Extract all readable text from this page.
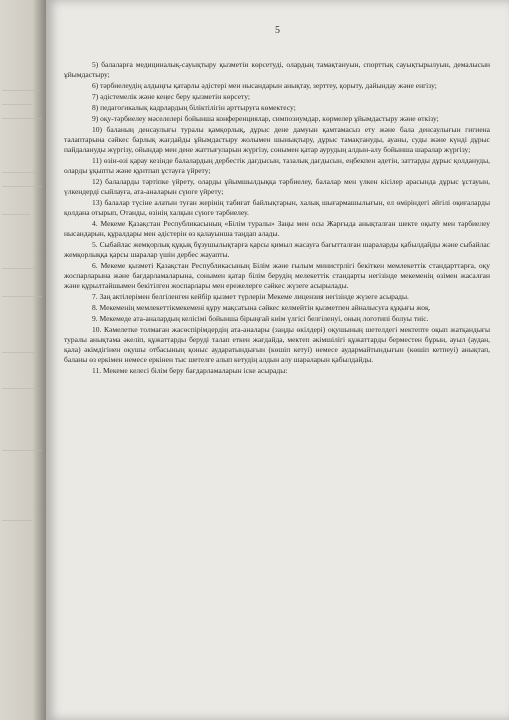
5

5) балаларға медициналық-сауықтыру қызметін көрсетуді, олардың тамақтануын, спорттық сауықтырылуын, демалысын ұйымдастыру;

6) тәрбиелеудің алдыңғы қатарлы әдістері мен нысандарын анықтау, зерттеу, қорыту, дайындау және енгізу;

7) әдістемелік және кеңес беру қызметін көрсету;

8) педагогикалық кадрлардың біліктілігін арттыруға көмектесу;

9) оқу-тәрбиелеу мәселелері бойынша конференциялар, симпозиумдар, көрмелер ұйымдастыру және өткізу;

10) баланың денсаулығы туралы қамқорлық, дұрыс дене дамуын қамтамасыз ету және бала денсаулығын гигиена талаптарына сәйкес барлық жағдайды ұйымдастыру жолымен шынықтыру, дұрыс тамақтануды, ауаны, суды және күнді дұрыс пайдалануды жүргізу, ойындар мен дене жаттығуларын жүргізу, сонымен қатар аурудың алдын-алу бойынша шаралар жүргізу;

11) өзін-өзі қарау кезінде балалардың дербестік дағдысын, тазалық дағдысын, еңбекпен әдетін, заттарды дұрыс қолдануды, оларды ұқыпты және құнтпап ұстауға үйрету;

12) балаларды тәртіпке үйрету, оларды ұйымшылдыққа тәрбиелеу, балалар мен үлкен кісілер арасында дұрыс ұстауын, үлкендерді сыйлауға, ата-аналарын сүюге үйрету;

13) балалар түсіне алатын туған жерінің табиғат байлықтарын, халық шығармашылығын, ел өміріндегі әйгілі оқиғаларды қолдана отырып, Отанды, өзінің халқын сүюге тәрбиелеу.

4. Мекеме Қазақстан Республикасының «Білім туралы» Заңы мен осы Жарғыда анықталған шекте оқыту мен тәрбиелеу нысандарын, құралдары мен әдістерін өз қалауынша таңдап алады.

5. Сыбайлас жемқорлық құқық бұзушылықтарға қарсы қимыл жасауға бағытталған шараларды қабылдайды және сыбайлас жемқорлыққа қарсы шаралар үшін дербес жауапты.

6. Мекеме қызметі Қазақстан Республикасының Білім және ғылым министрлігі бекіткен мемлекеттік стандарттарға, оқу жоспарларына және бағдарламаларына, сонымен қатар білім берудің мелекеттік стандарты негізінде мекеменің өзімен жасалған және құрылтайшымен бекітілген жоспарлары мен ережелерге сәйкес жүзеге асырылады.

7. Заң актілерімен белгіленген кейбір қызмет түрлерін Мекеме лицензия негізінде жүзеге асырады.

8. Мекеменің мемлекеттікмекемені құру мақсатына сәйкес келмейтін қызметпен айналысуға құқығы жоқ.

9. Мекемеде ата-аналардың келісімі бойынша бірыңғай киім үлгісі белгіленуі, оның логотипі болуы тиіс.

10. Кәмелетке толмаған жасөспірімдердің ата-аналары (заңды өкілдері) оқушының шетелдегі мектепте оқып жатқандығы туралы анықтама әкеліп, құжаттарды беруді талап еткен жағдайда, мектеп әкімшілігі құжаттарды берместен бұрын, ауыл (аудан, қала) әкімдігінен оқушы отбасының қоныс аударатындығын (көшіп кетуі) немесе аудармайтындығын (көшіп кетпеуі) анықтап, баланы өз еркімен немесе еркінен тыс шетелге алып кетудің алдын алу шараларын қабылдайды.

11. Мекеме келесі білім беру бағдарламаларын іске асырады:
